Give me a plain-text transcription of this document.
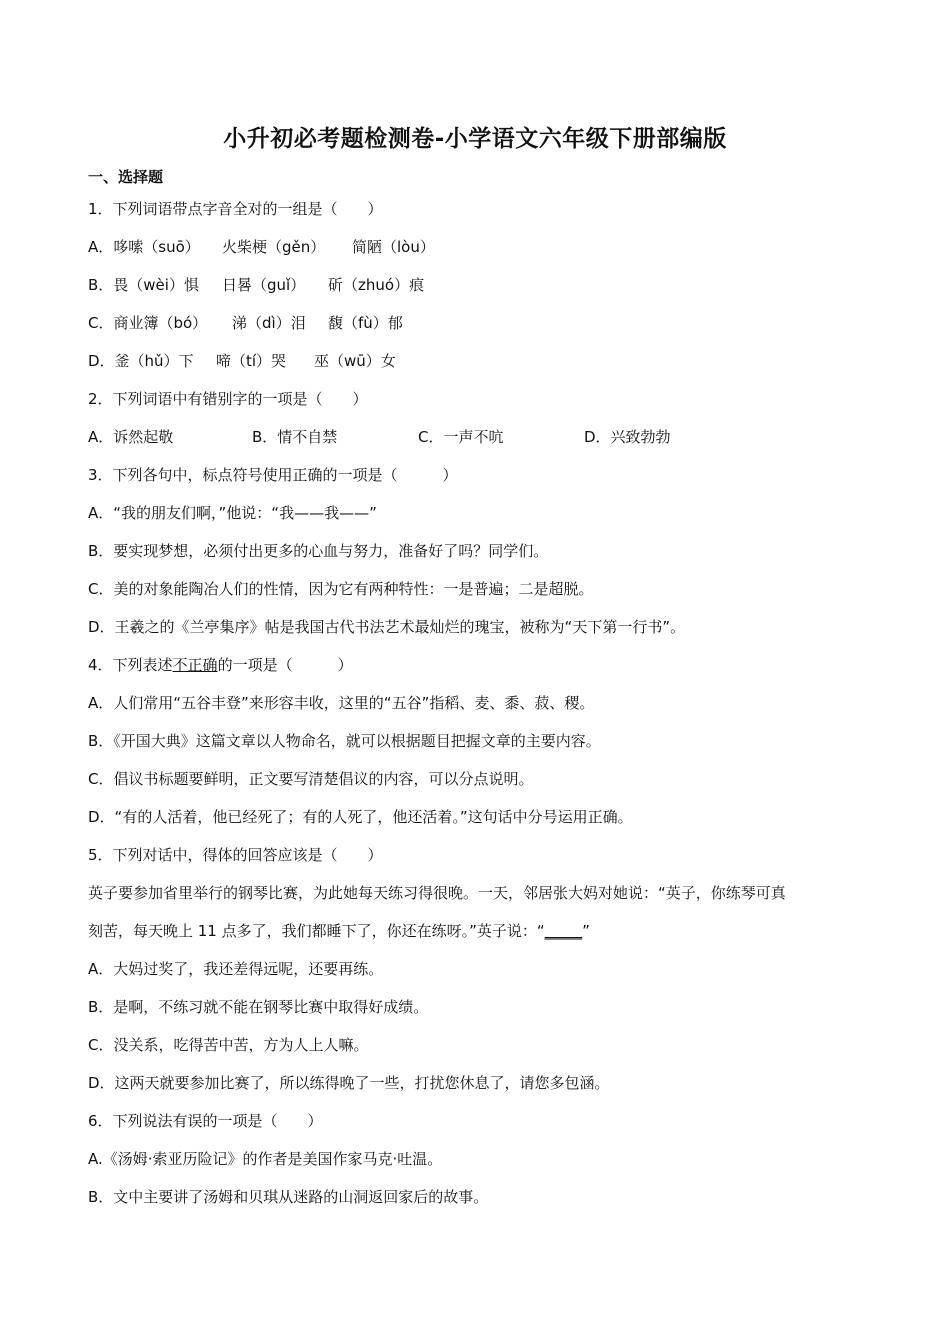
小升初必考题检测卷-小学语文六年级下册部编版
一、选择题
1．下列词语带点字音全对的一组是（　　）
A．哆嗦（suō） 火柴梗（gěn） 简陋（lòu）
B．畏（wèi）惧 日晷（guǐ） 斫（zhuó）痕
C．商业簿（bó） 涕（dì）泪 馥（fù）郁
D．釜（hǔ）下 啼（tí）哭 巫（wū）女
2．下列词语中有错别字的一项是（　　）
A．诉然起敬	B．情不自禁	C．一声不吭	D．兴致勃勃
3．下列各句中，标点符号使用正确的一项是（　　　）
A．“我的朋友们啊，”他说：“我——我——”
B．要实现梦想，必须付出更多的心血与努力，准备好了吗？同学们。
C．美的对象能陶冶人们的性情，因为它有两种特性：一是普遍；二是超脱。
D．王羲之的《兰亭集序》帖是我国古代书法艺术最灿烂的瑰宝，被称为“天下第一行书”。
4．下列表述不正确的一项是（　　　）
A．人们常用“五谷丰登”来形容丰收，这里的“五谷”指稻、麦、黍、菽、稷。
B．《开国大典》这篇文章以人物命名，就可以根据题目把握文章的主要内容。
C．倡议书标题要鲜明，正文要写清楚倡议的内容，可以分点说明。
D．“有的人活着，他已经死了；有的人死了，他还活着。”这句话中分号运用正确。
5．下列对话中，得体的回答应该是（　　）
英子要参加省里举行的钢琴比赛，为此她每天练习得很晚。一天，邻居张大妈对她说：“英子，你练琴可真
刻苦，每天晚上 11 点多了，我们都睡下了，你还在练呀。”英子说：“_____”
A．大妈过奖了，我还差得远呢，还要再练。
B．是啊，不练习就不能在钢琴比赛中取得好成绩。
C．没关系，吃得苦中苦，方为人上人嘛。
D．这两天就要参加比赛了，所以练得晚了一些，打扰您休息了，请您多包涵。
6．下列说法有误的一项是（　　）
A.《汤姆·索亚历险记》的作者是美国作家马克·吐温。
B．文中主要讲了汤姆和贝琪从迷路的山洞返回家后的故事。
